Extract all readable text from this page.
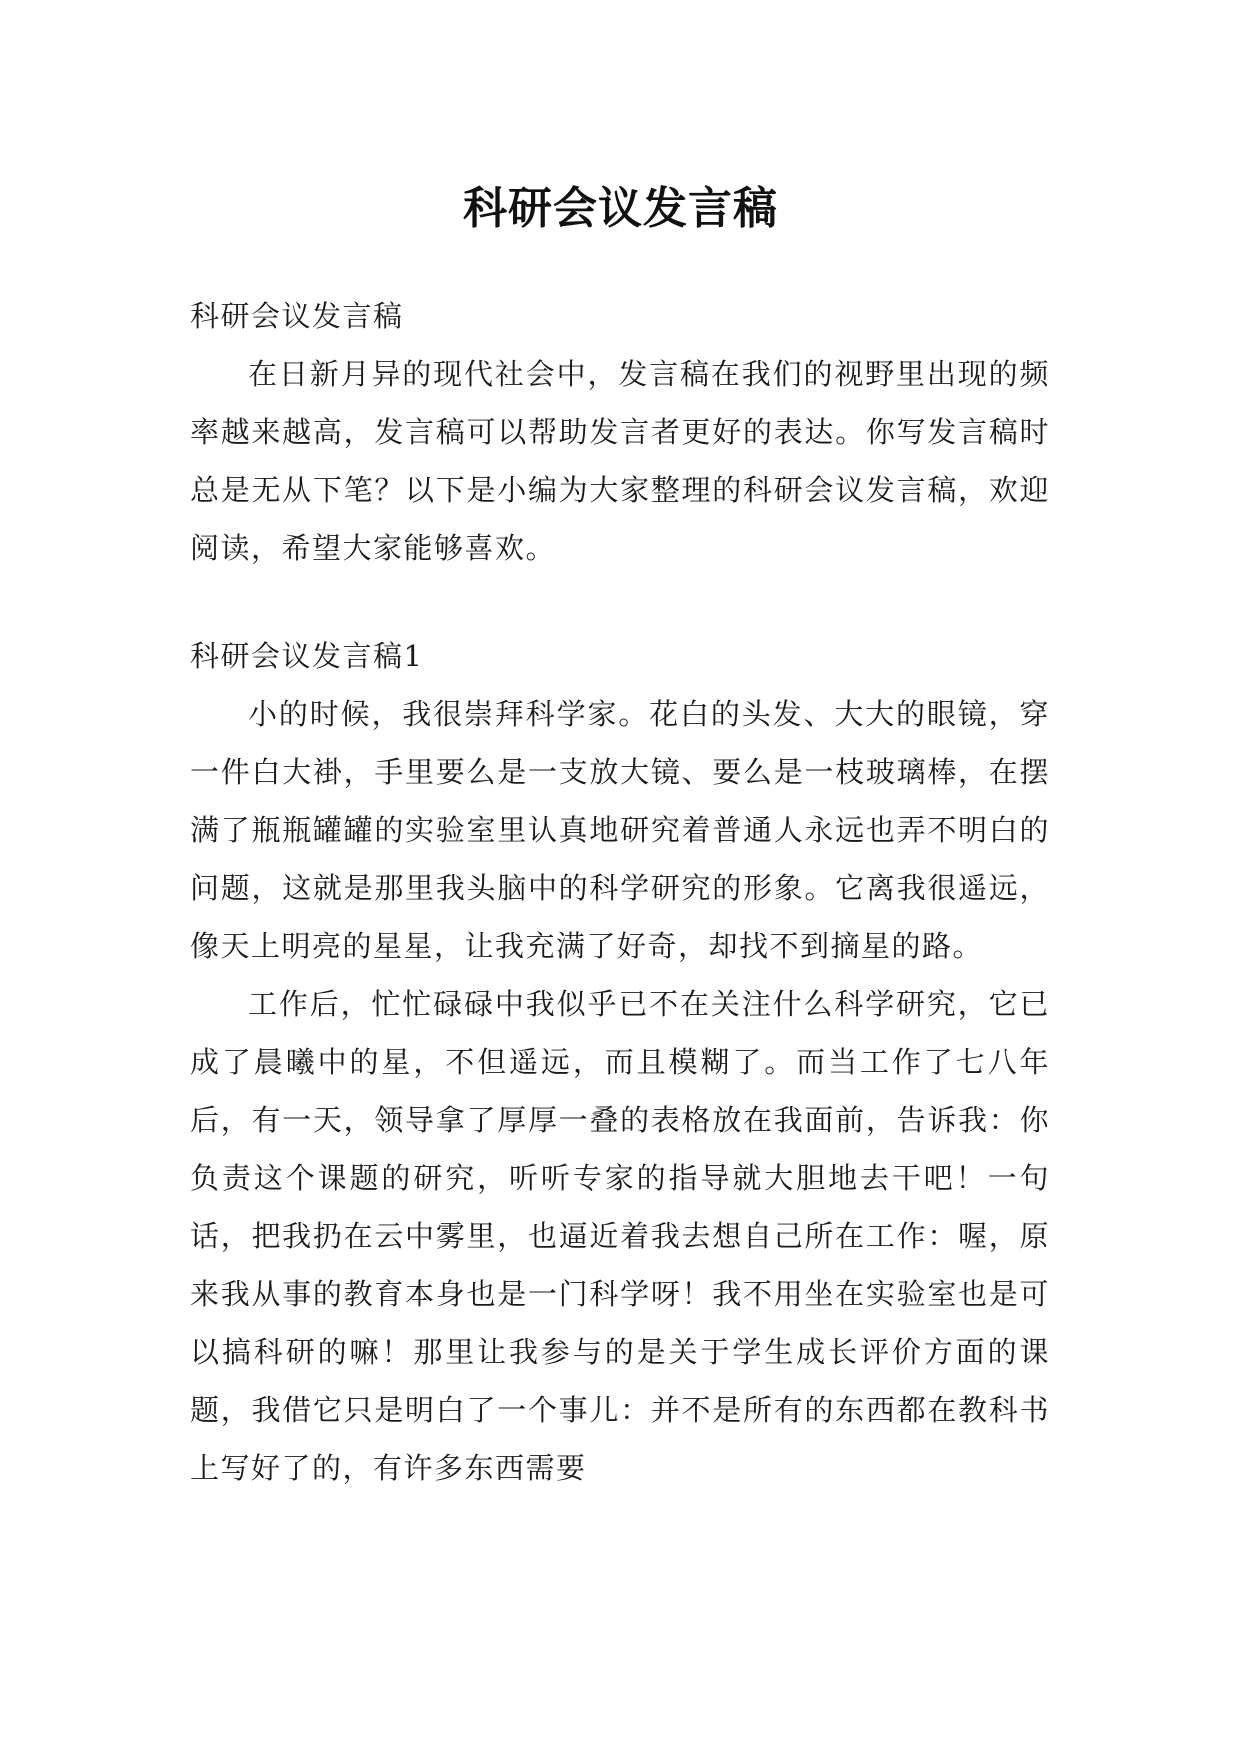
科研会议发言稿

科研会议发言稿

在日新月异的现代社会中，发言稿在我们的视野里出现的频率越来越高，发言稿可以帮助发言者更好的表达。你写发言稿时总是无从下笔？以下是小编为大家整理的科研会议发言稿，欢迎阅读，希望大家能够喜欢。

科研会议发言稿1

小的时候，我很崇拜科学家。花白的头发、大大的眼镜，穿一件白大褂，手里要么是一支放大镜、要么是一枝玻璃棒，在摆满了瓶瓶罐罐的实验室里认真地研究着普通人永远也弄不明白的问题，这就是那里我头脑中的科学研究的形象。它离我很遥远，像天上明亮的星星，让我充满了好奇，却找不到摘星的路。

工作后，忙忙碌碌中我似乎已不在关注什么科学研究，它已成了晨曦中的星，不但遥远，而且模糊了。而当工作了七八年后，有一天，领导拿了厚厚一叠的表格放在我面前，告诉我：你负责这个课题的研究，听听专家的指导就大胆地去干吧！一句话，把我扔在云中雾里，也逼近着我去想自己所在工作：喔，原来我从事的教育本身也是一门科学呀！我不用坐在实验室也是可以搞科研的嘛！那里让我参与的是关于学生成长评价方面的课题，我借它只是明白了一个事儿：并不是所有的东西都在教科书上写好了的，有许多东西需要
